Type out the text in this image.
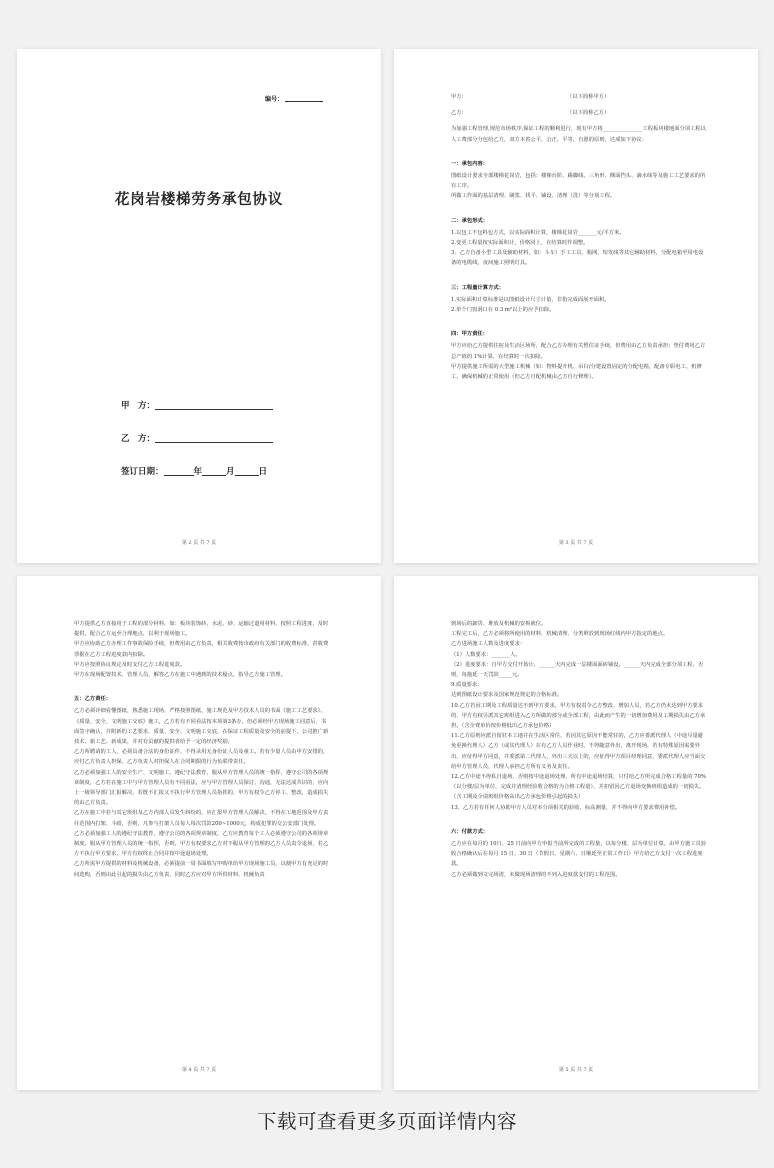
编号：
花岗岩楼梯劳务承包协议
甲　方：
乙　方：
签订日期：	年	月	日
第 2 页 共 7 页
甲方:	（以下简称甲方）
乙方:	（以下简称乙方）

为加强工程管理,规范市场秩序,保证工程的顺利进行，现有甲方将_______________工程板块楼地面分项工程以人工费部分分包给乙方，双方本着公平，公正，平等，自愿的原则，达成如下协议：

一：承包内容：

图纸设计要求全部楼梯花岗岩，包括：楼梯台阶、踢脚线、三角形、侧面挡头、滴水线等及施工工艺要求的所有工序。

所做工作面的基层清理、刷浆、找平、铺设、清理（洗）等分项工程。

二：承包形式：

1.以包工不包料包方式，以实际面积计算，楼梯花岗岩_______元/平方米。

2.变更工程量按实际面积计，价格同上，在结算时作调整。

3、乙方自备小型工具及辅助材料，如：斗车）手工工具，箱网，短发线等其它辅助材料，分配电箱至用电设备的电缆线，夜间施工照明灯具。

三：工程量计算方式：

1.实际面积计算标准是以图纸设计尺寸计量，非指完成面展开面积。

2.单个门窗洞口在 0.3 m²以上的应予扣除。

四：甲方责任：

甲方应给乙方提供住宿及生活区场所，配合乙方办理有关暂住证手续，但费用由乙方负责承担；垫付费用乙方总产值的 1%计算，在结算时一次扣除。

甲方提供施工所需的大型施工机械（如：物料提升机、吊臼/分建设置固定的分配电箱，配备专职电工、机修工，确保机械的正常使用（但乙方自配机械由乙方自行修理）。

第 3 页 共 7 页

甲方提供乙方直接用于工程的部分材料，如：板块装饰砖、水泥、砂、运输过道用材料、按照工程进度，及时提供，配合乙方运至合理地点，以利于现场施工。

甲方应协助乙方办理工作事故保险手续，但费用由乙方负责，相关收费按市政府有关部门的收费标准，甚收费票据在乙方工程进度款内扣除。

甲方应按照协议规定及时支付乙方工程进度款。

甲方在现场配置技术、管理人员，解答乙方在施工中遇到的技术疑点，指导乙方施工管理。

五：乙方责任：

乙方必须详细看懂图纸，熟悉施工现场，严格按照图纸、施工规范及甲方技术人员的书面《施工工艺要求》、《质量、安全、文明施工交底》施工，乙方若有不同看法按本项第3条办，但必须经甲方现场施工同意后，书面签字确认，并附新的工艺要求、质量、安全、文明施工交底，在保证工程质量及安全的前提下，公司推广新技术、新工艺、新成果，并对有贡献的提供者给予一定的经济奖励。

乙方所聘请的工人，必须具备合法的身份证件，不得录用无身份证人员及童工。若有少量人员由甲方安排的，应付乙方负责人担保，乙方负责人对担保人在合同期限的行为负联带责任。

乙方必须加强工人的安全生产、文明施工，遵纪守法教育，服从甲方管理人员的统一指挥，遵守公司的各项规章制度，乙方若在施工中与甲方管理人员有不同看法，应与甲方管理人员探讨、沟通，无法达成共识的，应向上一级领导部门汇报解决，若既不汇报又不执行甲方管理人员指挥的，甲方有权令乙方停工、整改，造成损失的由乙方负责。

乙方在施工中若与其它班组及乙方内部人员发生纠纷的，应汇报甲方管理人员解决，不得在工地范围及甲方责任范围内打架、斗殴，否则，凡参与打架人员每人每次罚款200~1000元，构成犯罪的交公安部门处理。

乙方必须加强工人的遵纪守法教育，遵守公司的各项规章制度，乙方应教育每个工人必须遵守公司的各项规章制度，服从甲方管理人员的统一指挥，否则，甲方有权要求乙方对不服从甲方管理的乙方人员责令退场，若乙方不执行甲方要求，甲方有权终止合同并按中途退场处理。

乙方所需甲方提供的材料及机械设备，必须提前一周书面填写申购单给甲方现场施工员，以便甲方有充足的时间选购，否则由此引起的损失由乙方负责，同时乙方应对甲方所供材料、机械负责

第 4 页 共 7 页

到场后的卸货、堆放及机械的安拆就位。

工程完工后，乙方必须将所使用的材料、机械清理、分类堆放到现场红线内甲方指定的地点。

乙方进场施工人数及进度要求：

（1）人数要求：_______人。

（2）进度要求：自甲方交付开始计，______天内完成一层楼面面砖铺设，______天内完成全部分项工程，否则，每拖延一天罚款_____元。

9.质量要求：

达到图纸设计要求及国家规范规定的合格标准。

10.乙方若因工期及工程质量达不到甲方要求，甲方有权责令乙方整改、增加人员，若乙方仍未达到甲方要求的，甲方有权另派其它班组进入乙方所做的部分或全部工程，由此而产生的一切增加费用及工期损失由乙方承担。（含全费单价按价格低出乙方承包价格）

11.乙方原则应派自留驻本工地并在生活区常住，若因其它原因不能常驻的，乙方应委派代理人（中途尽量避免更换代理人）乙方（或其代理人）在有乙方人员作业时，不得随意外出，离开现场，若有特殊原因需要外出，应征得甲方同意，并委派第二代理人，外出三天以上的，应征得甲方项目经理同意，委派代理人应当面交给甲方管理人员，代理人承担乙方所有义务及责任。

12.乙方中途不得私自退场，否则按中途退场处理，所有中途退场结算，只付给乙方所完成合格工程量的 70%（以分楼/层为单位，完成并清理经验收合格的为合格工程量），并扣留因乙方退场变换班组造成的一切损失。（含工期及全请班组价格高出乙方承包价格引起的损失）

13、乙方若有任何人协助甲方人员对本分项相关的验收、标高测量，并不得向甲方要求费用补偿。

六：付款方式：

乙方应在每月的 10日、25 日前向甲方申报当前所完成的工程量，以每分楼、层为单位计算，由甲方施工员验收合格确认后在每月 15 日、30 日（节假日、星期六、日顺延至正常工作日）甲方给乙方支付一次工程进度款。

乙方必须做到文完场清，未做现场清理的不列入进度款支付的工程范围。

第 5 页 共 7 页
下载可查看更多页面详情内容
